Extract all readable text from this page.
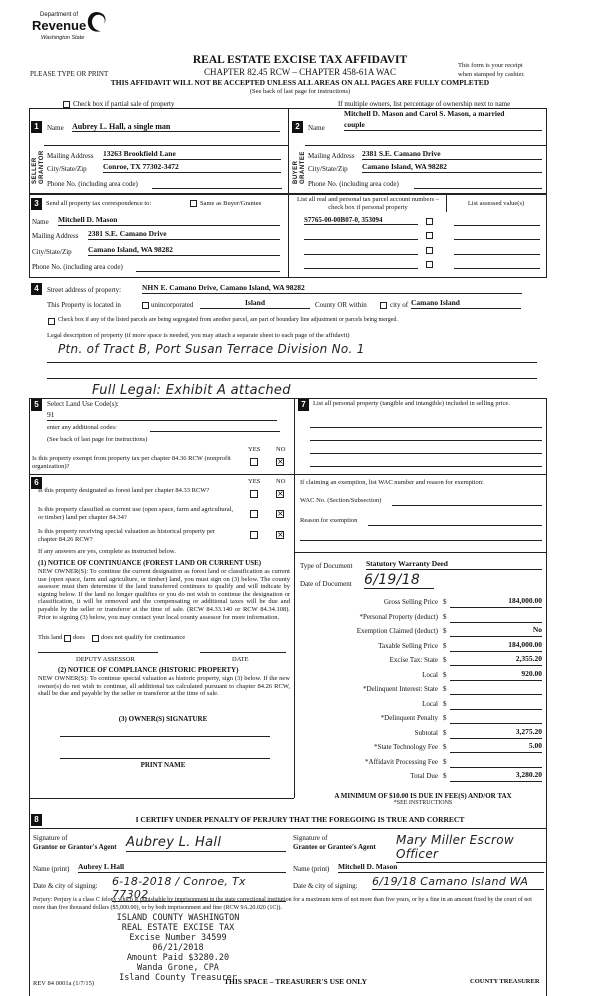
Department of
Revenue
Washington State
REAL ESTATE EXCISE TAX AFFIDAVIT
PLEASE TYPE OR PRINT	CHAPTER 82.45 RCW – CHAPTER 458-61A WAC
This form is your receipt
when stamped by cashier.
THIS AFFIDAVIT WILL NOT BE ACCEPTED UNLESS ALL AREAS ON ALL PAGES ARE FULLY COMPLETED
(See back of last page for instructions)
Check box if partial sale of property	If multiple owners, list percentage of ownership next to name
1	Name Aubrey L. Hall, a single man
SELLER GRANTOR Mailing Address 13263 Brookfield Lane
City/State/Zip Conroe, TX 77302-3472
Phone No. (including area code)
2	Name
Mitchell D. Mason and Carol S. Mason, a married
couple
BUYER GRANTEE Mailing Address 2381 S.E. Camano Drive
City/State/Zip Camano Island, WA 98282
Phone No. (including area code)
3	Send all property tax correspondence to:	Same as Buyer/Grantee
Name Mitchell D. Mason
Mailing Address 2381 S.E. Camano Drive
City/State/Zip Camano Island, WA 98282
Phone No. (including area code)
List all real and personal tax parcel account numbers – check box if personal property
List assessed value(s)
S7765-00-00B07-0, 353094
4	Street address of property:	NHN E. Camano Drive, Camano Island, WA 98282
This Property is located in	unincorporated	Island	County OR within	city of Camano Island
Check box if any of the listed parcels are being segregated from another parcel, are part of boundary line adjustment or parcels being merged.
Legal description of property (if more space is needed, you may attach a separate sheet to each page of the affidavit)
Ptn. of Tract B, Port Susan Terrace Division No. 1
Full Legal: Exhibit A attached
5	Select Land Use Code(s):
91
enter any additional codes:
(See back of last page for instructions)
YES NO
Is this property exempt from property tax per chapter 84.36 RCW (nonprofit organization)?
×
7	List all personal property (tangible and intangible) included in selling price.
6	YES NO
Is this property designated as forest land per chapter 84.33 RCW?	×
Is this property classified as current use (open space, farm and agricultural, or timber) land per chapter 84.34?	×
Is this property receiving special valuation as historical property per chapter 84.26 RCW?
×
If any answers are yes, complete as instructed below.
(1) NOTICE OF CONTINUANCE (FOREST LAND OR CURRENT USE)
NEW OWNER(S): To continue the current designation as forest land or classification as current use (open space, farm and agriculture, or timber) land, you must sign on (3) below. The county assessor must then determine if the land transferred continues to qualify and will indicate by signing below. If the land no longer qualifies or you do not wish to continue the designation or classification, it will be removed and the compensating or additional taxes will be due and payable by the seller or transferor at the time of sale. (RCW 84.33.140 or RCW 84.34.108). Prior to signing (3) below, you may contact your local county assessor for more information.
This land does does not qualify for continuance
DEPUTY ASSESSOR	DATE
(2) NOTICE OF COMPLIANCE (HISTORIC PROPERTY)
NEW OWNER(S): To continue special valuation as historic property, sign (3) below. If the new owner(s) do not wish to continue, all additional tax calculated pursuant to chapter 84.26 RCW, shall be due and payable by the seller or transferor at the time of sale.
(3) OWNER(S) SIGNATURE
PRINT NAME
If claiming an exemption, list WAC number and reason for exemption:
WAC No. (Section/Subsection)
Reason for exemption
Type of Document Statutory Warranty Deed
Date of Document 6/19/18
Gross Selling Price $	184,000.00
*Personal Property (deduct) $
Exemption Claimed (deduct) $	No
Taxable Selling Price $	184,000.00
Excise Tax: State $	2,355.20
Local $	920.00
*Delinquent Interest: State $
Local $
*Delinquent Penalty $
Subtotal $	3,275.20
*State Technology Fee $	5.00
*Affidavit Processing Fee $
Total Due $	3,280.20
A MINIMUM OF $10.00 IS DUE IN FEE(S) AND/OR TAX
*SEE INSTRUCTIONS
8	I CERTIFY UNDER PENALTY OF PERJURY THAT THE FOREGOING IS TRUE AND CORRECT
Signature of
Grantor or Grantor's Agent Aubrey L. Hall	Signature of
Grantee or Grantee's Agent Mary Miller Escrow Officer
Name (print) Aubrey L Hall	Name (print) Mitchell D. Mason
Date & city of signing: 6-18-2018 / Conroe, Tx 77302
Date & city of signing: 6/19/18 Camano Island WA
Perjury: Perjury is a class C felony which is punishable by imprisonment in the state correctional institution for a maximum term of not more than five years, or by a fine in an amount fixed by the court of not more than five thousand dollars ($5,000.00), or by both imprisonment and fine (RCW 9A.20.020 (1C)).
ISLAND COUNTY WASHINGTON
REAL ESTATE EXCISE TAX
Excise Number 34599
06/21/2018
Amount Paid $3280.20
Wanda Grone, CPA
Island County Treasurer
REV 84 0001a (1/7/15)	THIS SPACE – TREASURER'S USE ONLY	COUNTY TREASURER
